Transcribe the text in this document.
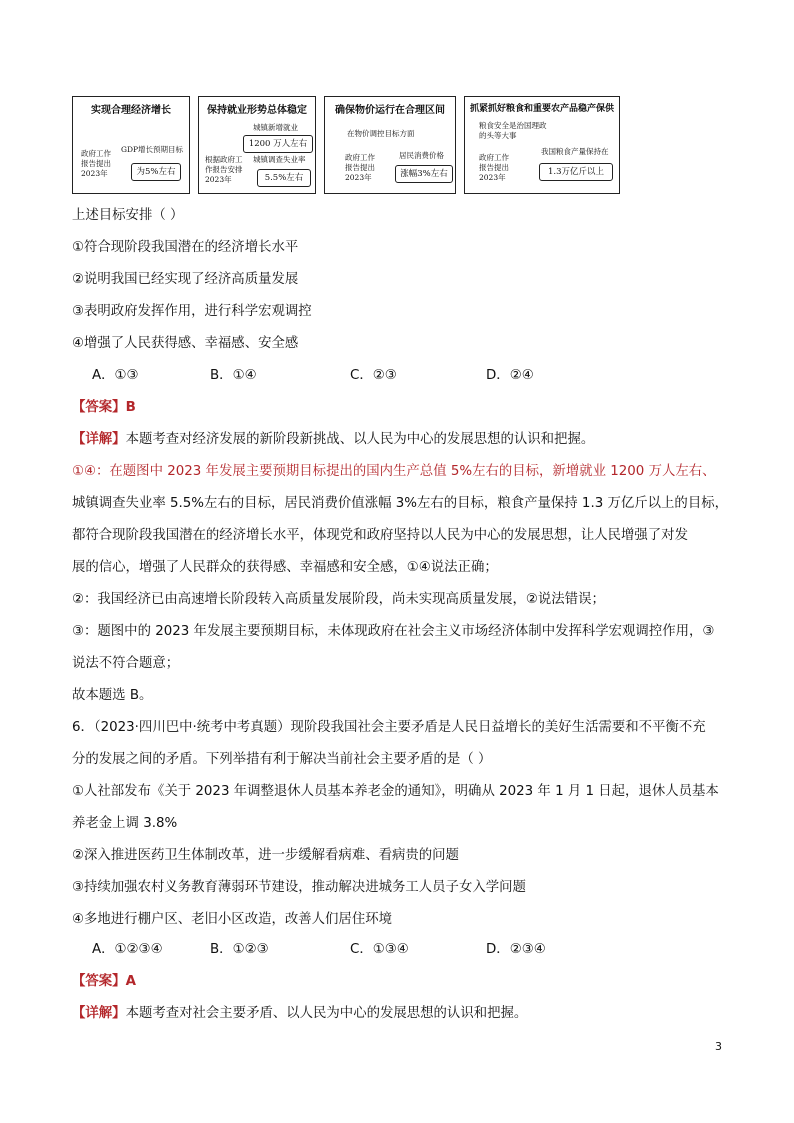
实现合理经济增长
政府工作
报告提出
2023年
GDP增长预期目标
为5%左右
保持就业形势总体稳定
城镇新增就业
1200 万人左右
根据政府工
作报告安排
2023年
城镇调查失业率
5.5%左右
确保物价运行在合理区间
在物价调控目标方面
政府工作
报告提出
2023年
居民消费价格
涨幅3%左右
抓紧抓好粮食和重要农产品稳产保供
粮食安全是治国理政
的头等大事
政府工作
报告提出
2023年
我国粮食产量保持在
1.3万亿斤以上
上述目标安排（ ）
①符合现阶段我国潜在的经济增长水平
②说明我国已经实现了经济高质量发展
③表明政府发挥作用，进行科学宏观调控
④增强了人民获得感、幸福感、安全感
A．①③	B．①④	C．②③	D．②④
【答案】B
【详解】本题考查对经济发展的新阶段新挑战、以人民为中心的发展思想的认识和把握。
①④：在题图中 2023 年发展主要预期目标提出的国内生产总值 5%左右的目标，新增就业 1200 万人左右、
城镇调查失业率 5.5%左右的目标，居民消费价值涨幅 3%左右的目标，粮食产量保持 1.3 万亿斤以上的目标，
都符合现阶段我国潜在的经济增长水平，体现党和政府坚持以人民为中心的发展思想，让人民增强了对发
展的信心，增强了人民群众的获得感、幸福感和安全感，①④说法正确；
②：我国经济已由高速增长阶段转入高质量发展阶段，尚未实现高质量发展，②说法错误；
③：题图中的 2023 年发展主要预期目标，未体现政府在社会主义市场经济体制中发挥科学宏观调控作用，③
说法不符合题意；
故本题选 B。
6．（2023·四川巴中·统考中考真题）现阶段我国社会主要矛盾是人民日益增长的美好生活需要和不平衡不充
分的发展之间的矛盾。下列举措有利于解决当前社会主要矛盾的是（ ）
①人社部发布《关于 2023 年调整退休人员基本养老金的通知》，明确从 2023 年 1 月 1 日起，退休人员基本
养老金上调 3.8%
②深入推进医药卫生体制改革，进一步缓解看病难、看病贵的问题
③持续加强农村义务教育薄弱环节建设，推动解决进城务工人员子女入学问题
④多地进行棚户区、老旧小区改造，改善人们居住环境
A．①②③④	B．①②③	C．①③④	D．②③④
【答案】A
【详解】本题考查对社会主要矛盾、以人民为中心的发展思想的认识和把握。
3
